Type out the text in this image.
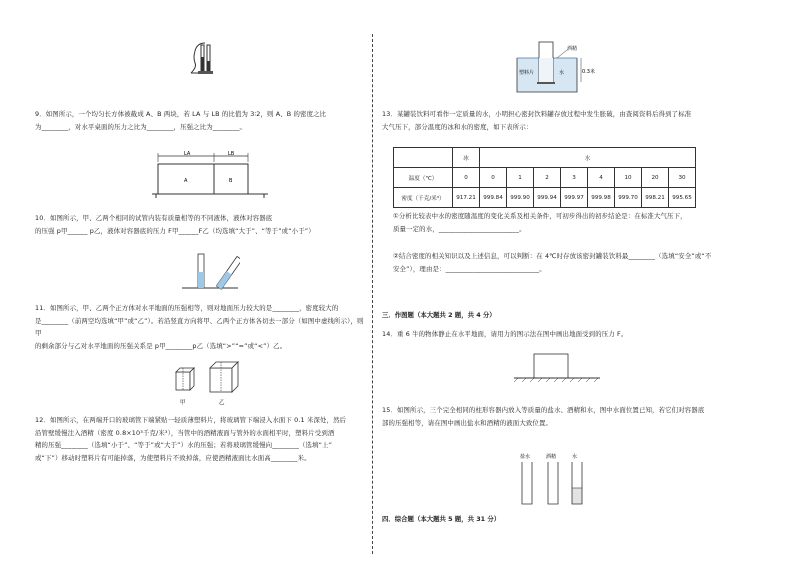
9．如图所示，一个均匀长方体被截成 A、B 两块，若 LA 与 LB 的比值为 3∶2，则 A、B 的密度之比

为________，对水平桌面的压力之比为________，压强之比为________。

LA	LB
A	B

10．如图所示，甲、乙两个相同的试管内装有质量相等的不同液体，液体对容器底

的压强 p甲______ p乙，液体对容器底的压力 F甲______F乙（均选填“大于”、“等于”或“小于”）

11．如图所示，甲、乙两个正方体对水平地面的压强相等，则对地面压力较大的是________，密度较大的

是________（前两空均选填“甲”或“乙”）。若沿竖直方向将甲、乙两个正方体各切去一部分（如图中虚线所示），则甲

的剩余部分与乙对水平地面的压强关系是 p甲________p乙（选填“>”“=”或“<”）乙。

甲	乙

12．如图所示，在两端开口的玻璃管下端紧贴一轻质薄塑料片，将玻璃管下端浸入水面下 0.1 米深处，然后

沿管壁缓慢注入酒精（密度 0.8×10³千克/米³），当管中的酒精液面与管外的水面相平时，塑料片受到酒

精的压强________（选填“小于”、“等于”或“大于”）水的压强；若将玻璃管缓慢向________（选填“上”

或“下”）移动时塑料片有可能掉落，为使塑料片不致掉落，应使酒精液面比水面高________米。

酒精
水	0.3米
塑料片

13．某罐装饮料可看作一定质量的水，小明担心密封饮料罐存放过程中发生胀破，由查阅资料后得到了标准

大气压下，部分温度的冰和水的密度，如下表所示：

	冰	水							
温度（℃）	0	0	1	2	3	4	10	20	30
密度（千克/米³）	917.21	999.84	999.90	999.94	999.97	999.98	999.70	998.21	995.65

①分析比较表中水的密度随温度的变化关系及相关条件，可初步得出的初步结论是：在标准大气压下，

质量一定的水，________________________。

②结合密度的相关知识以及上述信息，可以判断：在 4℃时存放该密封罐装饮料最________（选填“安全”或“不

安全”），理由是：____________________________。

三．作图题（本大题共 2 题，共 4 分）

14．重 6 牛的物体静止在水平地面，请用力的图示法在图中画出地面受到的压力 F。

15．如图所示，三个完全相同的柱形容器内放入等质量的盐水、酒精和水，图中水面位置已知，若它们对容器底

部的压强相等，请在图中画出盐水和酒精的液面大致位置。

盐水	酒精	水
四．综合题（本大题共 5 题，共 31 分）
